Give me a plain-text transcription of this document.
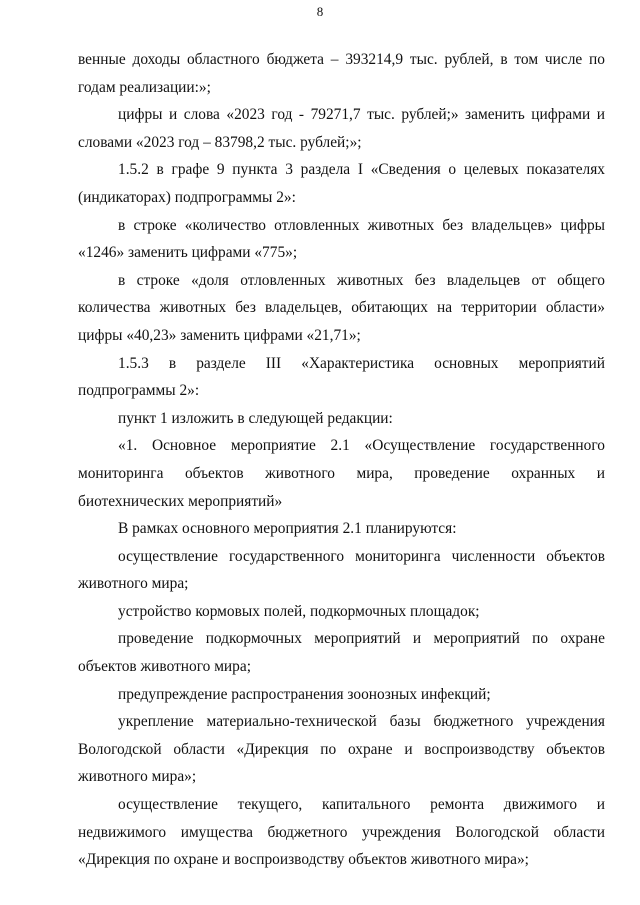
8

венные доходы областного бюджета – 393214,9 тыс. рублей, в том числе по годам реализации:»;

цифры и слова «2023 год - 79271,7 тыс. рублей;» заменить цифрами и словами «2023 год – 83798,2 тыс. рублей;»;

1.5.2 в графе 9 пункта 3 раздела I «Сведения о целевых показателях (индикаторах) подпрограммы 2»:

в строке «количество отловленных животных без владельцев» цифры «1246» заменить цифрами «775»;

в строке «доля отловленных животных без владельцев от общего количества животных без владельцев, обитающих на территории области» цифры «40,23» заменить цифрами «21,71»;

1.5.3 в разделе III «Характеристика основных мероприятий подпрограммы 2»:

пункт 1 изложить в следующей редакции:

«1. Основное мероприятие 2.1 «Осуществление государственного мониторинга объектов животного мира, проведение охранных и биотехнических мероприятий»

В рамках основного мероприятия 2.1 планируются:

осуществление государственного мониторинга численности объектов животного мира;

устройство кормовых полей, подкормочных площадок;

проведение подкормочных мероприятий и мероприятий по охране объектов животного мира;

предупреждение распространения зоонозных инфекций;

укрепление материально-технической базы бюджетного учреждения Вологодской области «Дирекция по охране и воспроизводству объектов животного мира»;

осуществление текущего, капитального ремонта движимого и недвижимого имущества бюджетного учреждения Вологодской области «Дирекция по охране и воспроизводству объектов животного мира»;
